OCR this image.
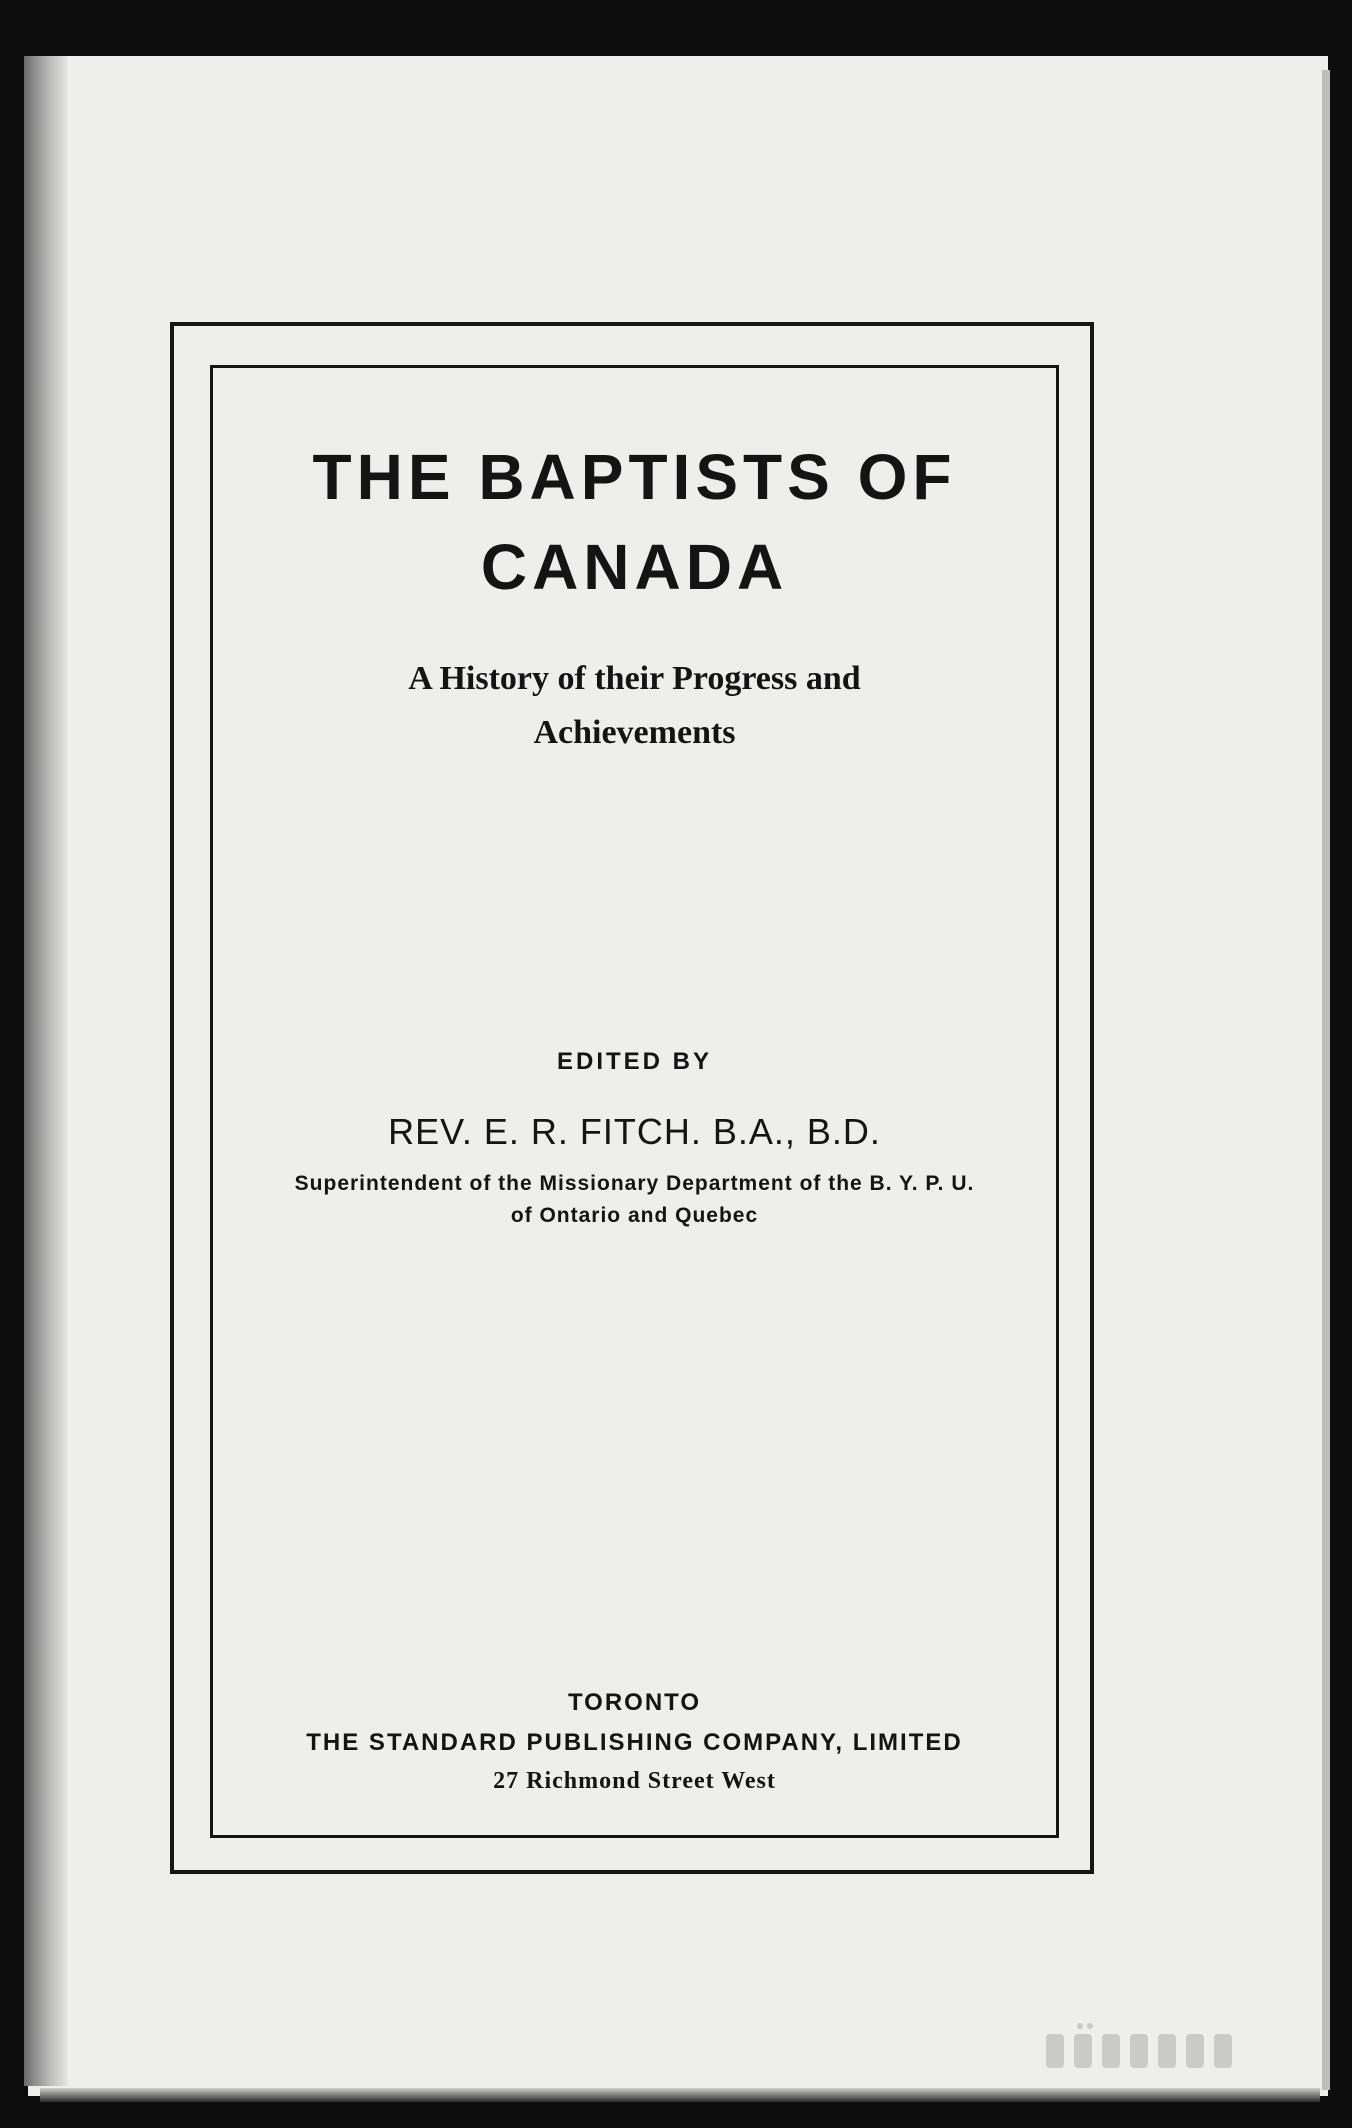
THE BAPTISTS OF
CANADA
A History of their Progress and
Achievements
EDITED BY
REV. E. R. FITCH. B.A., B.D.
Superintendent of the Missionary Department of the B. Y. P. U.
of Ontario and Quebec
TORONTO
THE STANDARD PUBLISHING COMPANY, LIMITED
27 Richmond Street West
